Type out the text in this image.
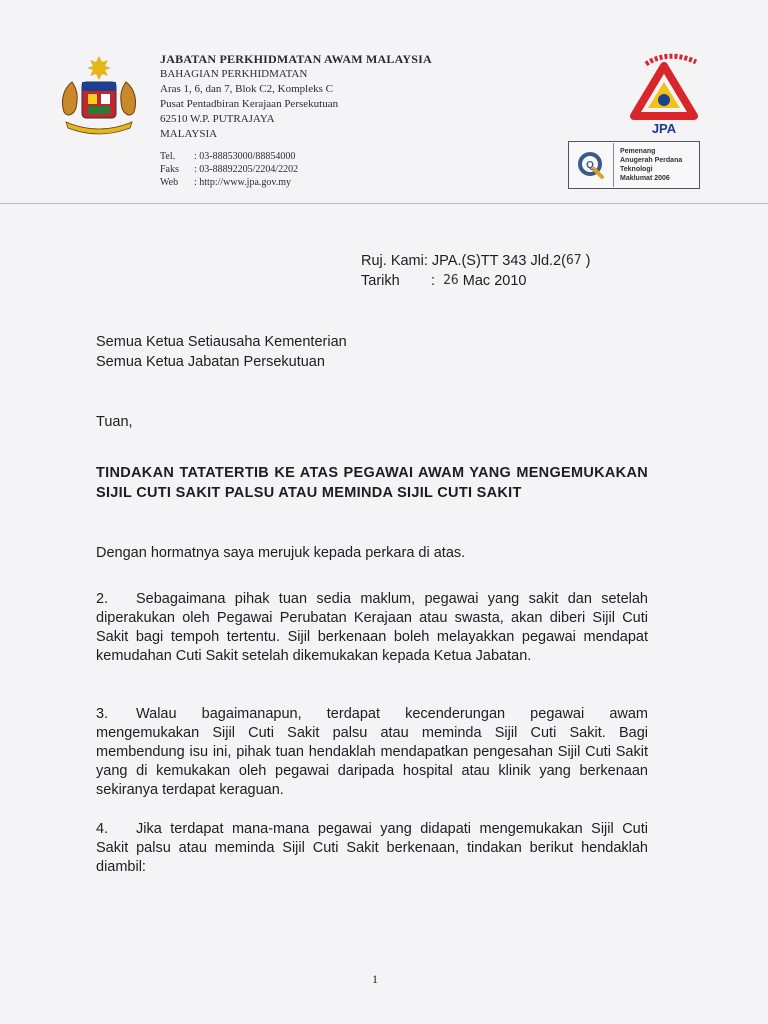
JABATAN PERKHIDMATAN AWAM MALAYSIA
BAHAGIAN PERKHIDMATAN
Aras 1, 6, dan 7, Blok C2, Kompleks C
Pusat Pentadbiran Kerajaan Persekutuan
62510 W.P. PUTRAJAYA
MALAYSIA
Tel.	: 03-88853000/88854000
Faks	: 03-88892205/2204/2202
Web	: http://www.jpa.gov.my
JPA
Q
Pemenang
Anugerah Perdana
Teknologi
Maklumat 2006
Ruj. Kami:
JPA.(S)TT 343 Jld.2( 67
)
Tarikh	:
26
Mac 2010
Semua Ketua Setiausaha Kementerian
Semua Ketua Jabatan Persekutuan
Tuan,
TINDAKAN TATATERTIB KE ATAS PEGAWAI AWAM YANG MENGEMUKAKAN SIJIL CUTI SAKIT PALSU ATAU MEMINDA SIJIL CUTI SAKIT
Dengan hormatnya saya merujuk kepada perkara di atas.
2. Sebagaimana pihak tuan sedia maklum, pegawai yang sakit dan setelah diperakukan oleh Pegawai Perubatan Kerajaan atau swasta, akan diberi Sijil Cuti Sakit bagi tempoh tertentu. Sijil berkenaan boleh melayakkan pegawai mendapat kemudahan Cuti Sakit setelah dikemukakan kepada Ketua Jabatan.
3. Walau bagaimanapun, terdapat kecenderungan pegawai awam mengemukakan Sijil Cuti Sakit palsu atau meminda Sijil Cuti Sakit. Bagi membendung isu ini, pihak tuan hendaklah mendapatkan pengesahan Sijil Cuti Sakit yang di kemukakan oleh pegawai daripada hospital atau klinik yang berkenaan sekiranya terdapat keraguan.
4. Jika terdapat mana-mana pegawai yang didapati mengemukakan Sijil Cuti Sakit palsu atau meminda Sijil Cuti Sakit berkenaan, tindakan berikut hendaklah diambil:
1
